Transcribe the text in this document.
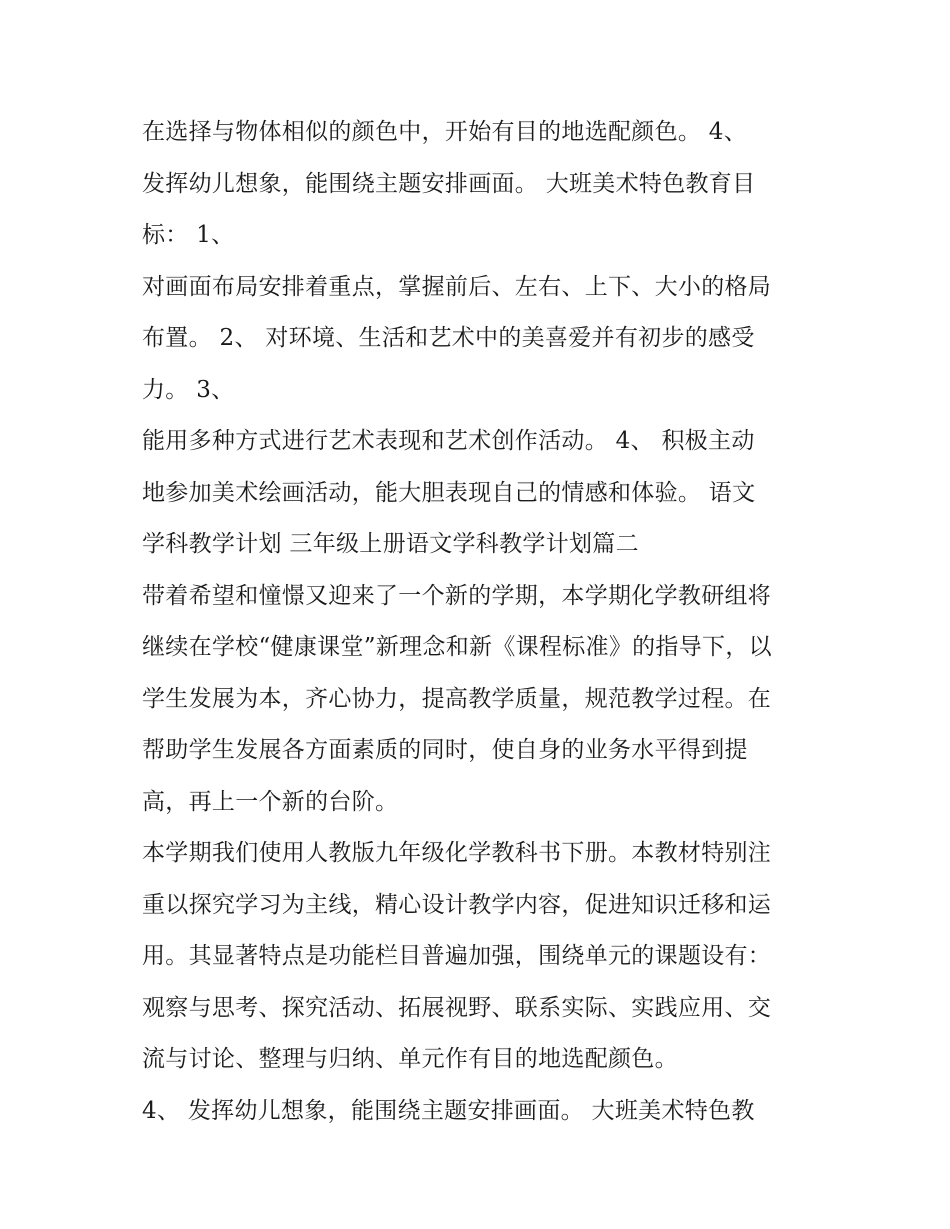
在选择与物体相似的颜色中，开始有目的地选配颜色。 4、
发挥幼儿想象，能围绕主题安排画面。 大班美术特色教育目
标： 1、
对画面布局安排着重点，掌握前后、左右、上下、大小的格局
布置。 2、 对环境、生活和艺术中的美喜爱并有初步的感受
力。 3、
能用多种方式进行艺术表现和艺术创作活动。 4、 积极主动
地参加美术绘画活动，能大胆表现自己的情感和体验。 语文
学科教学计划 三年级上册语文学科教学计划篇二
带着希望和憧憬又迎来了一个新的学期，本学期化学教研组将
继续在学校“健康课堂”新理念和新《课程标准》的指导下，以
学生发展为本，齐心协力，提高教学质量，规范教学过程。在
帮助学生发展各方面素质的同时，使自身的业务水平得到提
高，再上一个新的台阶。
本学期我们使用人教版九年级化学教科书下册。本教材特别注
重以探究学习为主线，精心设计教学内容，促进知识迁移和运
用。其显著特点是功能栏目普遍加强，围绕单元的课题设有：
观察与思考、探究活动、拓展视野、联系实际、实践应用、交
流与讨论、整理与归纳、单元作有目的地选配颜色。
4、 发挥幼儿想象，能围绕主题安排画面。 大班美术特色教
